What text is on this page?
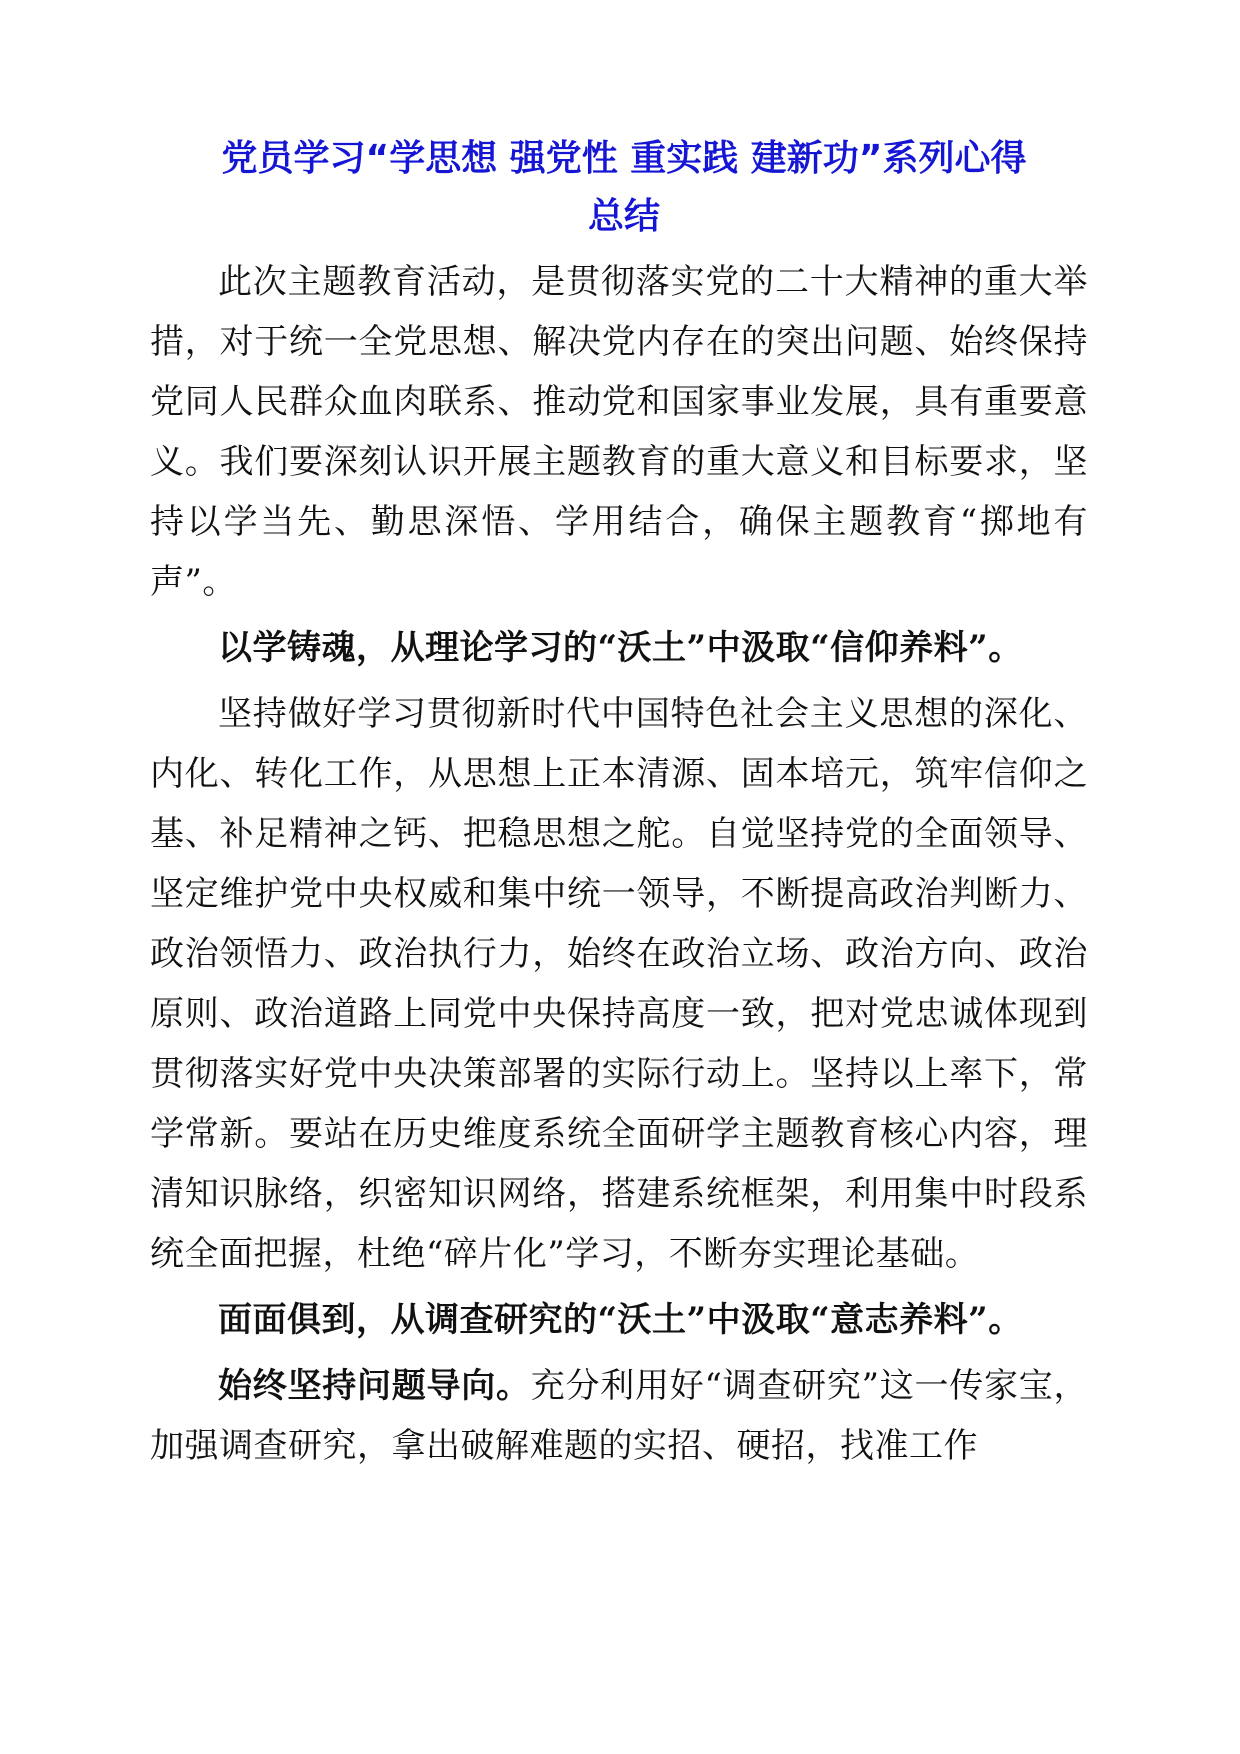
党员学习“学思想 强党性 重实践 建新功”系列心得
总结

此次主题教育活动，是贯彻落实党的二十大精神的重大举措，对于统一全党思想、解决党内存在的突出问题、始终保持党同人民群众血肉联系、推动党和国家事业发展，具有重要意义。我们要深刻认识开展主题教育的重大意义和目标要求，坚持以学当先、勤思深悟、学用结合，确保主题教育“掷地有声”。

以学铸魂，从理论学习的“沃土”中汲取“信仰养料”。

坚持做好学习贯彻新时代中国特色社会主义思想的深化、内化、转化工作，从思想上正本清源、固本培元，筑牢信仰之基、补足精神之钙、把稳思想之舵。自觉坚持党的全面领导、坚定维护党中央权威和集中统一领导，不断提高政治判断力、政治领悟力、政治执行力，始终在政治立场、政治方向、政治原则、政治道路上同党中央保持高度一致，把对党忠诚体现到贯彻落实好党中央决策部署的实际行动上。坚持以上率下，常学常新。要站在历史维度系统全面研学主题教育核心内容，理清知识脉络，织密知识网络，搭建系统框架，利用集中时段系统全面把握，杜绝“碎片化”学习，不断夯实理论基础。

面面俱到，从调查研究的“沃土”中汲取“意志养料”。

始终坚持问题导向。充分利用好“调查研究”这一传家宝，加强调查研究，拿出破解难题的实招、硬招，找准工作
